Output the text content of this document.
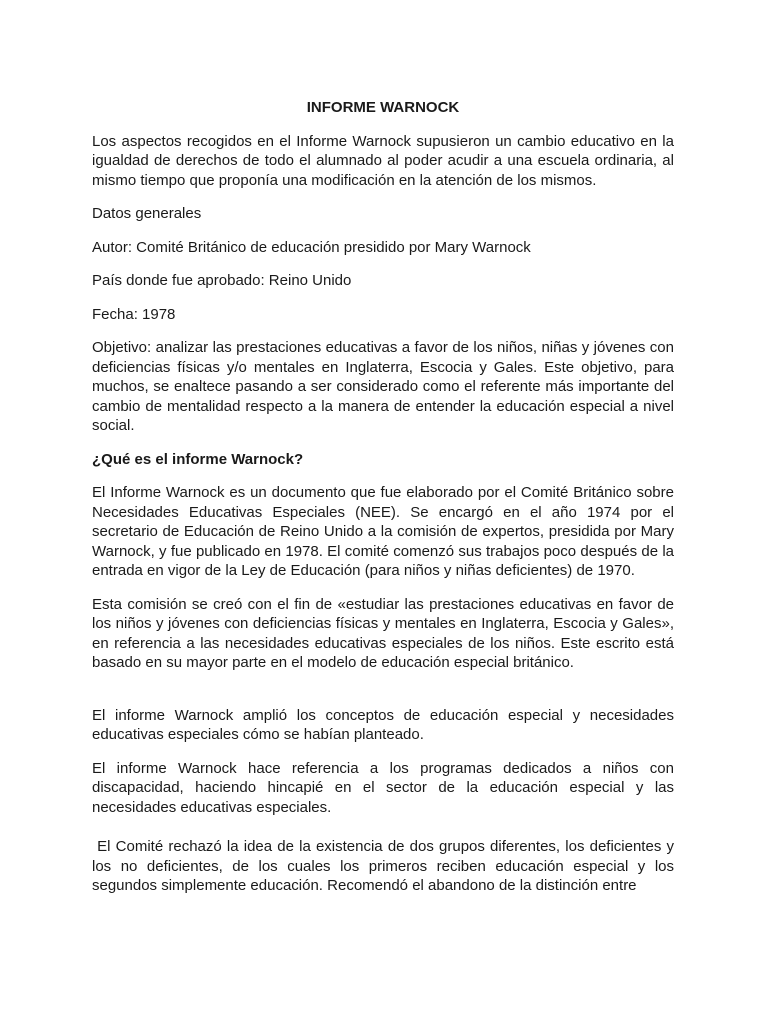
INFORME WARNOCK

Los aspectos recogidos en el Informe Warnock supusieron un cambio educativo en la igualdad de derechos de todo el alumnado al poder acudir a una escuela ordinaria, al mismo tiempo que proponía una modificación en la atención de los mismos.

Datos generales

Autor: Comité Británico de educación presidido por Mary Warnock

País donde fue aprobado: Reino Unido

Fecha: 1978

Objetivo: analizar las prestaciones educativas a favor de los niños, niñas y jóvenes con deficiencias físicas y/o mentales en Inglaterra, Escocia y Gales. Este objetivo, para muchos, se enaltece pasando a ser considerado como el referente más importante del cambio de mentalidad respecto a la manera de entender la educación especial a nivel social.

¿Qué es el informe Warnock?

El Informe Warnock es un documento que fue elaborado por el Comité Británico sobre Necesidades Educativas Especiales (NEE). Se encargó en el año 1974 por el secretario de Educación de Reino Unido a la comisión de expertos, presidida por Mary Warnock, y fue publicado en 1978. El comité comenzó sus trabajos poco después de la entrada en vigor de la Ley de Educación (para niños y niñas deficientes) de 1970.

Esta comisión se creó con el fin de «estudiar las prestaciones educativas en favor de los niños y jóvenes con deficiencias físicas y mentales en Inglaterra, Escocia y Gales», en referencia a las necesidades educativas especiales de los niños. Este escrito está basado en su mayor parte en el modelo de educación especial británico.

El informe Warnock amplió los conceptos de educación especial y necesidades educativas especiales cómo se habían planteado.

El informe Warnock hace referencia a los programas dedicados a niños con discapacidad, haciendo hincapié en el sector de la educación especial y las necesidades educativas especiales.

El Comité rechazó la idea de la existencia de dos grupos diferentes, los deficientes y los no deficientes, de los cuales los primeros reciben educación especial y los segundos simplemente educación. Recomendó el abandono de la distinción entre
